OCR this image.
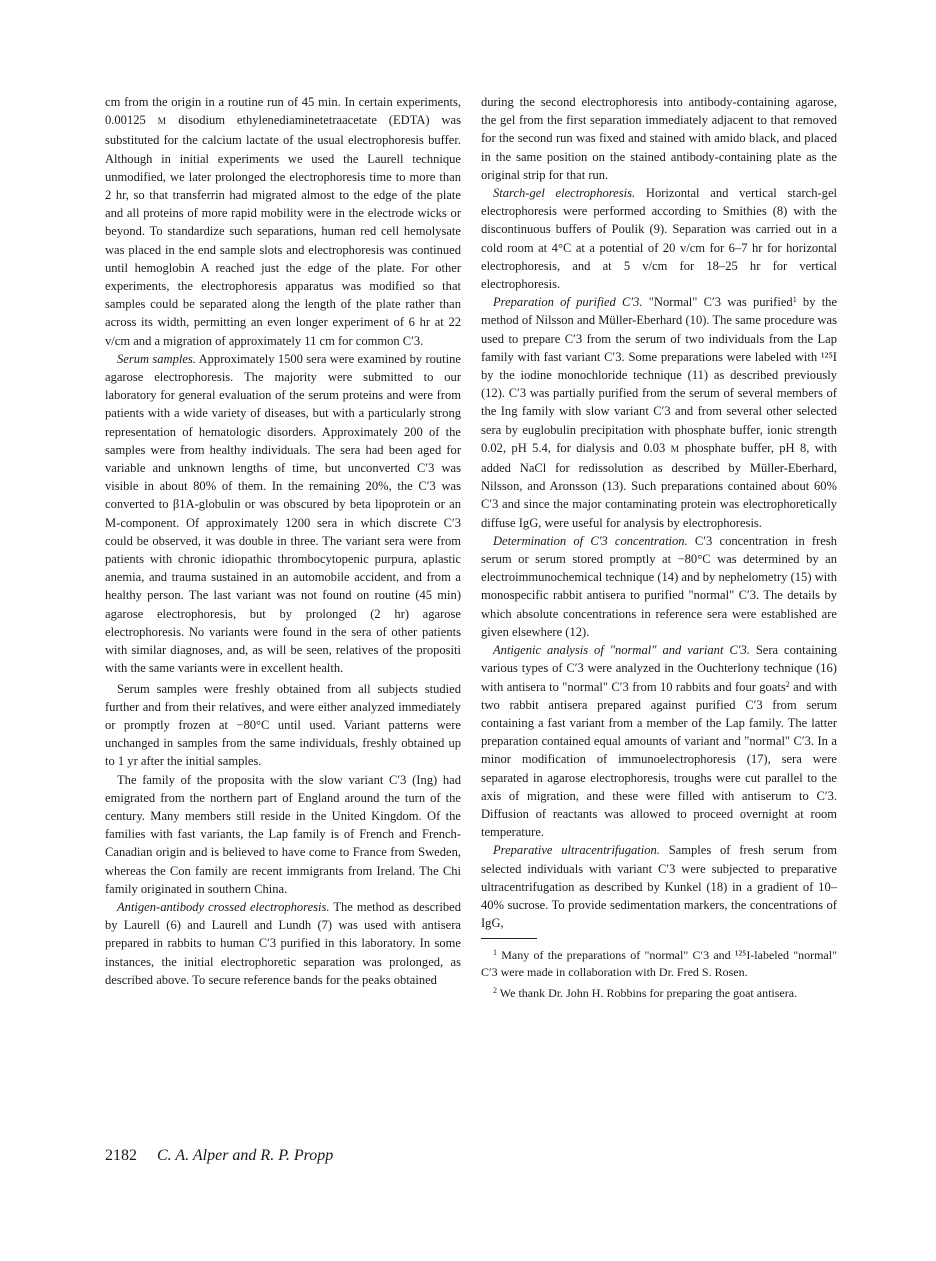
cm from the origin in a routine run of 45 min. In certain experiments, 0.00125 M disodium ethylenediaminetetraacetate (EDTA) was substituted for the calcium lactate of the usual electrophoresis buffer. Although in initial experiments we used the Laurell technique unmodified, we later prolonged the electrophoresis time to more than 2 hr, so that transferrin had migrated almost to the edge of the plate and all proteins of more rapid mobility were in the electrode wicks or beyond. To standardize such separations, human red cell hemolysate was placed in the end sample slots and electrophoresis was continued until hemoglobin A reached just the edge of the plate. For other experiments, the electrophoresis apparatus was modified so that samples could be separated along the length of the plate rather than across its width, permitting an even longer experiment of 6 hr at 22 v/cm and a migration of approximately 11 cm for common C′3.

Serum samples. Approximately 1500 sera were examined by routine agarose electrophoresis. The majority were submitted to our laboratory for general evaluation of the serum proteins and were from patients with a wide variety of diseases, but with a particularly strong representation of hematologic disorders. Approximately 200 of the samples were from healthy individuals. The sera had been aged for variable and unknown lengths of time, but unconverted C′3 was visible in about 80% of them. In the remaining 20%, the C′3 was converted to β1A-globulin or was obscured by beta lipoprotein or an M-component. Of approximately 1200 sera in which discrete C′3 could be observed, it was double in three. The variant sera were from patients with chronic idiopathic thrombocytopenic purpura, aplastic anemia, and trauma sustained in an automobile accident, and from a healthy person. The last variant was not found on routine (45 min) agarose electrophoresis, but by prolonged (2 hr) agarose electrophoresis. No variants were found in the sera of other patients with similar diagnoses, and, as will be seen, relatives of the propositi with the same variants were in excellent health.

Serum samples were freshly obtained from all subjects studied further and from their relatives, and were either analyzed immediately or promptly frozen at −80°C until used. Variant patterns were unchanged in samples from the same individuals, freshly obtained up to 1 yr after the initial samples.

The family of the proposita with the slow variant C′3 (Ing) had emigrated from the northern part of England around the turn of the century. Many members still reside in the United Kingdom. Of the families with fast variants, the Lap family is of French and French-Canadian origin and is believed to have come to France from Sweden, whereas the Con family are recent immigrants from Ireland. The Chi family originated in southern China.

Antigen-antibody crossed electrophoresis. The method as described by Laurell (6) and Laurell and Lundh (7) was used with antisera prepared in rabbits to human C′3 purified in this laboratory. In some instances, the initial electrophoretic separation was prolonged, as described above. To secure reference bands for the peaks obtained

during the second electrophoresis into antibody-containing agarose, the gel from the first separation immediately adjacent to that removed for the second run was fixed and stained with amido black, and placed in the same position on the stained antibody-containing plate as the original strip for that run.

Starch-gel electrophoresis. Horizontal and vertical starch-gel electrophoresis were performed according to Smithies (8) with the discontinuous buffers of Poulik (9). Separation was carried out in a cold room at 4°C at a potential of 20 v/cm for 6–7 hr for horizontal electrophoresis, and at 5 v/cm for 18–25 hr for vertical electrophoresis.

Preparation of purified C′3. "Normal" C′3 was purified$^1$ by the method of Nilsson and Müller-Eberhard (10). The same procedure was used to prepare C′3 from the serum of two individuals from the Lap family with fast variant C′3. Some preparations were labeled with ¹²⁵I by the iodine monochloride technique (11) as described previously (12). C′3 was partially purified from the serum of several members of the Ing family with slow variant C′3 and from several other selected sera by euglobulin precipitation with phosphate buffer, ionic strength 0.02, pH 5.4, for dialysis and 0.03 M phosphate buffer, pH 8, with added NaCl for redissolution as described by Müller-Eberhard, Nilsson, and Aronsson (13). Such preparations contained about 60% C′3 and since the major contaminating protein was electrophoretically diffuse IgG, were useful for analysis by electrophoresis.

Determination of C′3 concentration. C′3 concentration in fresh serum or serum stored promptly at −80°C was determined by an electroimmunochemical technique (14) and by nephelometry (15) with monospecific rabbit antisera to purified "normal" C′3. The details by which absolute concentrations in reference sera were established are given elsewhere (12).

Antigenic analysis of "normal" and variant C′3. Sera containing various types of C′3 were analyzed in the Ouchterlony technique (16) with antisera to "normal" C′3 from 10 rabbits and four goats$^2$ and with two rabbit antisera prepared against purified C′3 from serum containing a fast variant from a member of the Lap family. The latter preparation contained equal amounts of variant and "normal" C′3. In a minor modification of immunoelectrophoresis (17), sera were separated in agarose electrophoresis, troughs were cut parallel to the axis of migration, and these were filled with antiserum to C′3. Diffusion of reactants was allowed to proceed overnight at room temperature.

Preparative ultracentrifugation. Samples of fresh serum from selected individuals with variant C′3 were subjected to preparative ultracentrifugation as described by Kunkel (18) in a gradient of 10–40% sucrose. To provide sedimentation markers, the concentrations of IgG,

$^1$ Many of the preparations of "normal" C′3 and ¹²⁵I-labeled "normal" C′3 were made in collaboration with Dr. Fred S. Rosen.

$^2$ We thank Dr. John H. Robbins for preparing the goat antisera.

2182 C. A. Alper and R. P. Propp
